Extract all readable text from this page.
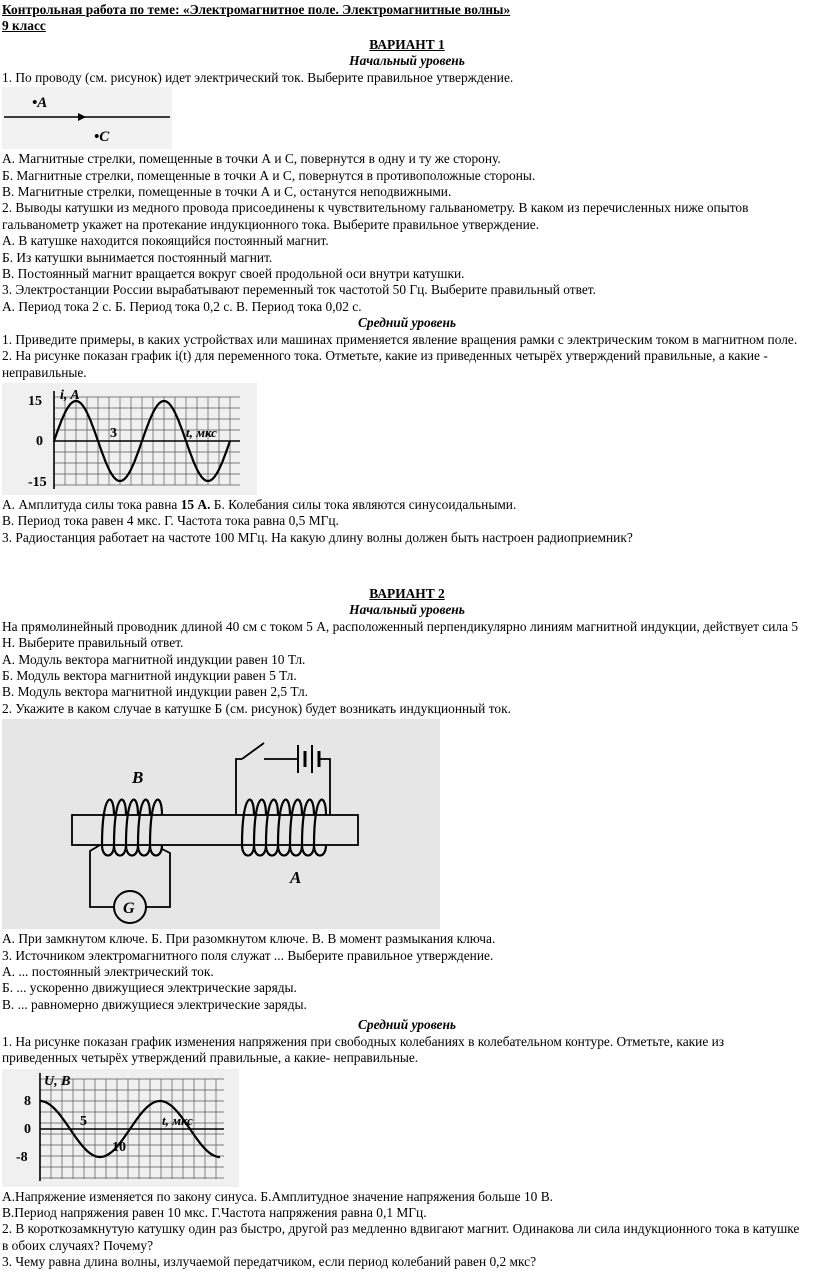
Контрольная работа по теме: «Электромагнитное поле. Электромагнитные волны»
9 класс
ВАРИАНТ 1
Начальный уровень
1. По проводу (см. рисунок) идет электрический ток. Выберите правильное утверждение.
•A
•C
А. Магнитные стрелки, помещенные в точки А и С, повернутся в одну и ту же сторону.
Б. Магнитные стрелки, помещенные в точки А и С, повернутся в противоположные стороны.
В. Магнитные стрелки, помещенные в точки А и С, останутся неподвижными.
2. Выводы катушки из медного провода присоединены к чувствительному гальванометру. В каком из перечисленных ниже опытов гальванометр укажет на протекание индукционного тока. Выберите правильное утверждение.
А. В катушке находится покоящийся постоянный магнит.
Б. Из катушки вынимается постоянный магнит.
В. Постоянный магнит вращается вокруг своей продольной оси внутри катушки.
3. Электростанции России вырабатывают переменный ток частотой 50 Гц. Выберите правильный ответ.
А. Период тока 2 с. Б. Период тока 0,2 с. В. Период тока 0,02 с.
Средний уровень
1. Приведите примеры, в каких устройствах или машинах применяется явление вращения рамки с электрическим током в магнитном поле.
2. На рисунке показан график i(t) для переменного тока. Отметьте, какие из приведенных четырёх утверждений правильные, а какие - неправильные.
15
0
-15
i, A
3	t, мкс
А. Амплитуда силы тока равна 15 А. Б. Колебания силы тока являются синусоидальными.
В. Период тока равен 4 мкс. Г. Частота тока равна 0,5 МГц.
3. Радиостанция работает на частоте 100 МГц. На какую длину волны должен быть настроен радиоприемник?
ВАРИАНТ 2
Начальный уровень
На прямолинейный проводник длиной 40 см с током 5 А, расположенный перпендикулярно линиям магнитной индукции, действует сила 5 Н. Выберите правильный ответ.
А. Модуль вектора магнитной индукции равен 10 Тл.
Б. Модуль вектора магнитной индукции равен 5 Тл.
В. Модуль вектора магнитной индукции равен 2,5 Тл.
2. Укажите в каком случае в катушке Б (см. рисунок) будет возникать индукционный ток.
G
B
A
А. При замкнутом ключе. Б. При разомкнутом ключе. В. В момент размыкания ключа.
3. Источником электромагнитного поля служат ... Выберите правильное утверждение.
А. ... постоянный электрический ток.
Б. ... ускоренно движущиеся электрические заряды.
В. ... равномерно движущиеся электрические заряды.
Средний уровень
1. На рисунке показан график изменения напряжения при свободных колебаниях в колебательном контуре. Отметьте, какие из приведенных четырёх утверждений правильные, а какие- неправильные.
8
0
-8
U, B
5
10
t, мкс
А.Напряжение изменяется по закону синуса. Б.Амплитудное значение напряжения больше 10 В.
В.Период напряжения равен 10 мкс. Г.Частота напряжения равна 0,1 МГц.
2. В короткозамкнутую катушку один раз быстро, другой раз медленно вдвигают магнит. Одинакова ли сила индукционного тока в катушке в обоих случаях? Почему?
3. Чему равна длина волны, излучаемой передатчиком, если период колебаний равен 0,2 мкс?
